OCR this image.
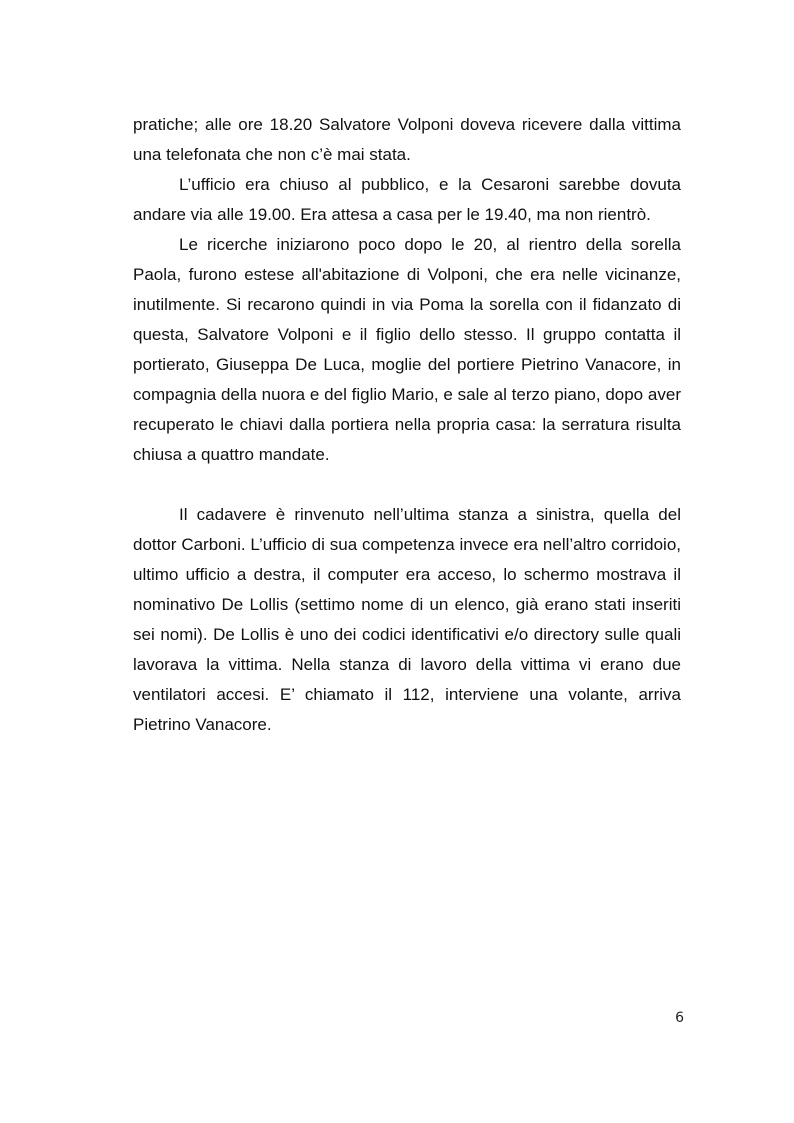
pratiche; alle ore 18.20 Salvatore Volponi doveva ricevere dalla vittima una telefonata che non c’è mai stata.

L’ufficio era chiuso al pubblico, e la Cesaroni sarebbe dovuta andare via alle 19.00. Era attesa a casa per le 19.40, ma non rientrò.

Le ricerche iniziarono poco dopo le 20, al rientro della sorella Paola, furono estese all'abitazione di Volponi, che era nelle vicinanze, inutilmente. Si recarono quindi in via Poma la sorella con il fidanzato di questa, Salvatore Volponi e il figlio dello stesso. Il gruppo contatta il portierato, Giuseppa De Luca, moglie del portiere Pietrino Vanacore, in compagnia della nuora e del figlio Mario, e sale al terzo piano, dopo aver recuperato le chiavi dalla portiera nella propria casa: la serratura risulta chiusa a quattro mandate.

Il cadavere è rinvenuto nell’ultima stanza a sinistra, quella del dottor Carboni. L’ufficio di sua competenza invece era nell’altro corridoio, ultimo ufficio a destra, il computer era acceso, lo schermo mostrava il nominativo De Lollis (settimo nome di un elenco, già erano stati inseriti sei nomi). De Lollis è uno dei codici identificativi e/o directory sulle quali lavorava la vittima. Nella stanza di lavoro della vittima vi erano due ventilatori accesi. E’ chiamato il 112, interviene una volante, arriva Pietrino Vanacore.

6
